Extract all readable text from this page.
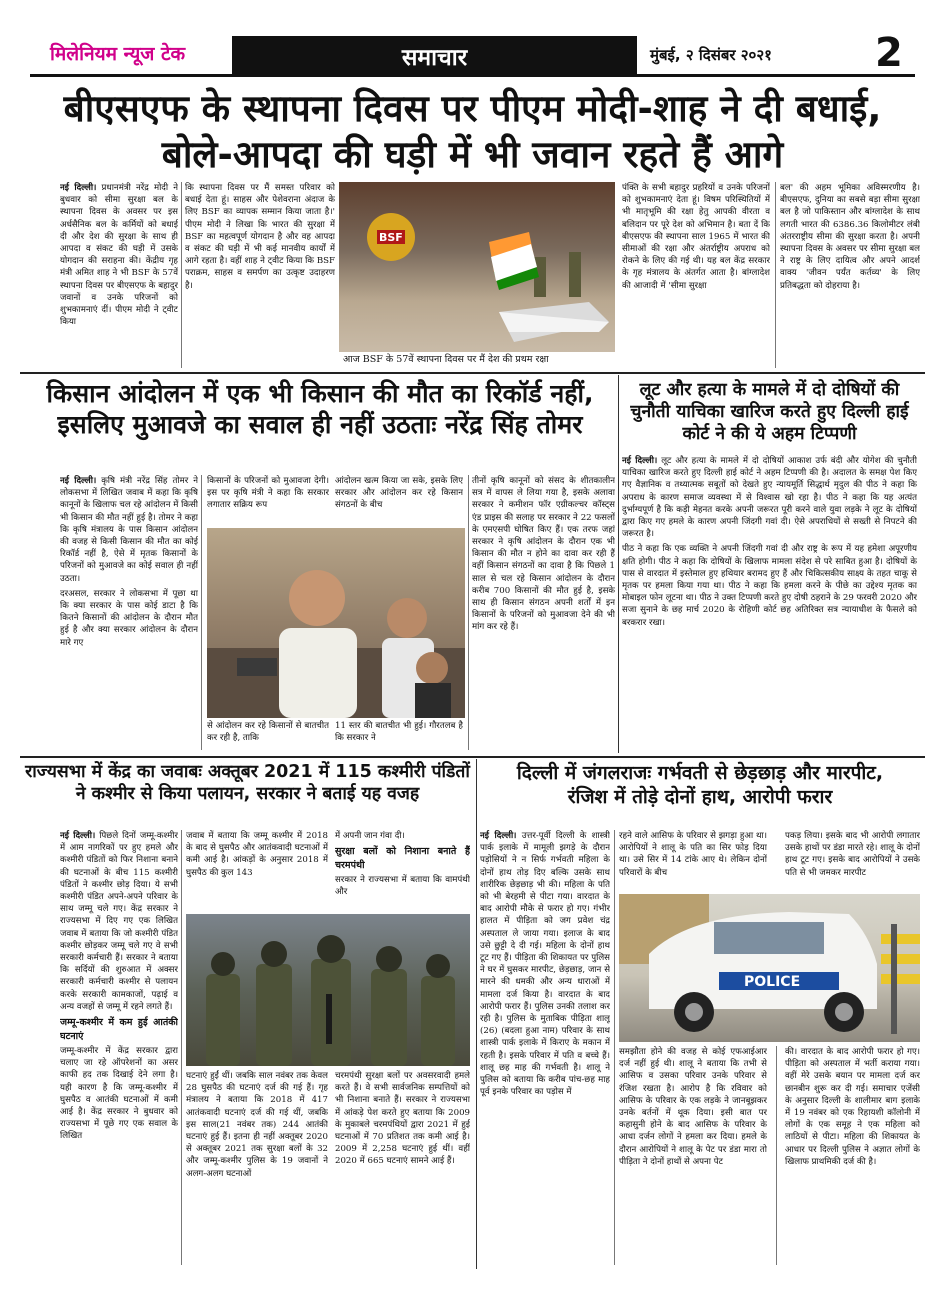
मिलेनियम न्यूज टेक	समाचार	मुंबई, २ दिसंबर २०२१	2
बीएसएफ के स्थापना दिवस पर पीएम मोदी-शाह ने दी बधाई,
बोले-आपदा की घड़ी में भी जवान रहते हैं आगे
नई दिल्ली। प्रधानमंत्री नरेंद्र मोदी ने बुधवार को सीमा सुरक्षा बल के स्थापना दिवस के अवसर पर इस अर्धसैनिक बल के कर्मियों को बधाई दी और देश की सुरक्षा के साथ ही आपदा व संकट की घड़ी में उसके योगदान की सराहना की। केंद्रीय गृह मंत्री अमित शाह ने भी BSF के 57वें स्थापना दिवस पर बीएसएफ के बहादुर जवानों व उनके परिजनों को शुभकामनाएं दीं। पीएम मोदी ने ट्वीट किया
कि स्थापना दिवस पर मैं समस्त परिवार को बधाई देता हूं। साहस और पेशेवराना अंदाज के लिए BSF का व्यापक सम्मान किया जाता है।' पीएम मोदी ने लिखा कि भारत की सुरक्षा में BSF का महत्वपूर्ण योगदान है और वह आपदा व संकट की घड़ी में भी कई मानवीय कार्यों में आगे रहता है। वहीं शाह ने ट्वीट किया कि BSF पराक्रम, साहस व समर्पण का उत्कृष्ट उदाहरण है।
BSF
आज BSF के 57वें स्थापना दिवस पर मैं देश की प्रथम रक्षा
पंक्ति के सभी बहादुर प्रहरियों व उनके परिजनों को शुभकामनाएं देता हूं। विषम परिस्थितियों में भी मातृभूमि की रक्षा हेतु आपकी वीरता व बलिदान पर पूरे देश को अभिमान है। बता दें कि बीएसएफ की स्थापना साल 1965 में भारत की सीमाओं की रक्षा और अंतर्राष्ट्रीय अपराध को रोकने के लिए की गई थी। यह बल केंद्र सरकार के गृह मंत्रालय के अंतर्गत आता है। बांग्लादेश की आजादी में 'सीमा सुरक्षा
बल' की अहम भूमिका अविस्मरणीय है। बीएसएफ, दुनिया का सबसे बड़ा सीमा सुरक्षा बल है जो पाकिस्तान और बांग्लादेश के साथ लगती भारत की 6386.36 किलोमीटर लंबी अंतरराष्ट्रीय सीमा की सुरक्षा करता है। अपनी स्थापना दिवस के अवसर पर सीमा सुरक्षा बल ने राष्ट्र के लिए दायित्व और अपने आदर्श वाक्य 'जीवन पर्यंत कर्तव्य' के लिए प्रतिबद्धता को दोहराया है।
किसान आंदोलन में एक भी किसान की मौत का रिकॉर्ड नहीं,
इसलिए मुआवजे का सवाल ही नहीं उठताः नरेंद्र सिंह तोमर

नई दिल्ली। कृषि मंत्री नरेंद्र सिंह तोमर ने लोकसभा में लिखित जवाब में कहा कि कृषि कानूनों के खिलाफ चल रहे आंदोलन में किसी भी किसान की मौत नहीं हुई है। तोमर ने कहा कि कृषि मंत्रालय के पास किसान आंदोलन की वजह से किसी किसान की मौत का कोई रिकॉर्ड नहीं है, ऐसे में मृतक किसानों के परिजनों को मुआवजे का कोई सवाल ही नहीं उठता।

दरअसल, सरकार ने लोकसभा में पूछा था कि क्या सरकार के पास कोई डाटा है कि कितने किसानों की आंदोलन के दौरान मौत हुई है और क्या सरकार आंदोलन के दौरान मारे गए

किसानों के परिजनों को मुआवजा देगी। इस पर कृषि मंत्री ने कहा कि सरकार लगातार सक्रिय रूप
आंदोलन खत्म किया जा सके, इसके लिए सरकार और आंदोलन कर रहे किसान संगठनों के बीच
से आंदोलन कर रहे किसानों से बातचीत कर रही है, ताकि
11 स्तर की बातचीत भी हुई। गौरतलब है कि सरकार ने
तीनों कृषि कानूनों को संसद के शीतकालीन सत्र में वापस ले लिया गया है, इसके अलावा सरकार ने कमीशन फॉर एग्रीकल्चर कॉस्ट्स एंड प्राइस की सलाह पर सरकार ने 22 फसलों के एमएसपी घोषित किए हैं। एक तरफ जहां सरकार ने कृषि आंदोलन के दौरान एक भी किसान की मौत न होने का दावा कर रही हैं वहीं किसान संगठनों का दावा है कि पिछले 1 साल से चल रहे किसान आंदोलन के दौरान करीब 700 किसानों की मौत हुई है, इसके साथ ही किसान संगठन अपनी शर्तों में इन किसानों के परिजनों को मुआवजा देने की भी मांग कर रहे हैं।
लूट और हत्या के मामले में दो दोषियों की
चुनौती याचिका खारिज करते हुए दिल्ली हाई
कोर्ट ने की ये अहम टिप्पणी

नई दिल्ली। लूट और हत्या के मामले में दो दोषियों आकाश उर्फ बंदी और योगेश की चुनौती याचिका खारिज करते हुए दिल्ली हाई कोर्ट ने अहम टिप्पणी की है। अदालत के समक्ष पेश किए गए वैज्ञानिक व तथ्यात्मक सबूतों को देखते हुए न्यायमूर्ति सिद्धार्थ मृदुल की पीठ ने कहा कि अपराध के कारण समाज व्यवस्था में से विश्वास खो रहा है। पीठ ने कहा कि यह अत्यंत दुर्भाग्यपूर्ण है कि कड़ी मेहनत करके अपनी जरूरत पूरी करने वाले युवा लड़के ने लूट के दोषियों द्वारा किए गए हमले के कारण अपनी जिंदगी गवां दी। ऐसे अपराधियों से सख्ती से निपटने की जरूरत है।

पीठ ने कहा कि एक व्यक्ति ने अपनी जिंदगी गवां दी और राष्ट्र के रूप में यह हमेशा अपूरणीय क्षति होगी। पीठ ने कहा कि दोषियों के खिलाफ मामला संदेश से परे साबित हुआ है। दोषियों के पास से वारदात में इस्तेमाल हुए हथियार बरामद हुए हैं और चिकित्सकीय साक्ष्य के तहत चाकू से मृतक पर हमला किया गया था। पीठ ने कहा कि हमला करने के पीछे का उद्देश्य मृतक का मोबाइल फोन लूटना था। पीठ ने उक्त टिप्पणी करते हुए दोषी ठहराने के 29 फरवरी 2020 और सजा सुनाने के छह मार्च 2020 के रोहिणी कोर्ट छह अतिरिक्त सत्र न्यायाधीश के फैसले को बरकरार रखा।

राज्यसभा में केंद्र का जवाबः अक्तूबर 2021 में 115 कश्मीरी पंडितों
ने कश्मीर से किया पलायन, सरकार ने बताई यह वजह

नई दिल्ली। पिछले दिनों जम्मू-कश्मीर में आम नागरिकों पर हुए हमले और कश्मीरी पंडितों को फिर निशाना बनाने की घटनाओं के बीच 115 कश्मीरी पंडितों ने कश्मीर छोड़ दिया। ये सभी कश्मीरी पंडित अपने-अपने परिवार के साथ जम्मू चले गए। केंद्र सरकार ने राज्यसभा में दिए गए एक लिखित जवाब में बताया कि जो कश्मीरी पंडित कश्मीर छोड़कर जम्मू चले गए वे सभी सरकारी कर्मचारी हैं। सरकार ने बताया कि सर्दियों की शुरुआत में अक्सर सरकारी कर्मचारी कश्मीर से पलायन करके सरकारी कामकाजों, पढ़ाई व अन्य वजहों से जम्मू में रहने लगते हैं।

जम्मू-कश्मीर में कम हुई आतंकी घटनाएं

जम्मू-कश्मीर में केंद्र सरकार द्वारा चलाए जा रहे ऑपरेशनों का असर काफी हद तक दिखाई देने लगा है। यही कारण है कि जम्मू-कश्मीर में घुसपैठ व आतंकी घटनाओं में कमी आई है। केंद्र सरकार ने बुधवार को राज्यसभा में पूछे गए एक सवाल के लिखित

जवाब में बताया कि जम्मू कश्मीर में 2018 के बाद से घुसपैठ और आतंकवादी घटनाओं में कमी आई है। आंकड़ों के अनुसार 2018 में घुसपैठ की कुल 143

में अपनी जान गंवा दी।

सुरक्षा बलों को निशाना बनाते हैं चरमपंथी

सरकार ने राज्यसभा में बताया कि वामपंथी और

घटनाएं हुईं थीं। जबकि साल नवंबर तक केवल 28 घुसपैठ की घटनाएं दर्ज की गई हैं। गृह मंत्रालय ने बताया कि 2018 में 417 आतंकवादी घटनाएं दर्ज की गई थीं, जबकि इस साल(21 नवंबर तक) 244 आतंकी घटनाएं हुई हैं। इतना ही नहीं अक्तूबर 2020 से अक्तूबर 2021 तक सुरक्षा बलों के 32 और जम्मू-कश्मीर पुलिस के 19 जवानों ने अलग-अलग घटनाओं
चरमपंथी सुरक्षा बलों पर अवसरवादी हमले करते हैं। वे सभी सार्वजनिक सम्पत्तियों को भी निशाना बनाते हैं। सरकार ने राज्यसभा में आंकड़े पेश करते हुए बताया कि 2009 के मुकाबले चरमपंथियों द्वारा 2021 में हुई घटनाओं में 70 प्रतिशत तक कमी आई है। 2009 में 2,258 घटनाएं हुई थीं। वहीं 2020 में 665 घटनाएं सामने आई हैं।
दिल्ली में जंगलराजः गर्भवती से छेड़छाड़ और मारपीट,
रंजिश में तोड़े दोनों हाथ, आरोपी फरार
नई दिल्ली। उत्तर-पूर्वी दिल्ली के शास्त्री पार्क इलाके में मामूली झगड़े के दौरान पड़ोसियों ने न सिर्फ गर्भवती महिला के दोनों हाथ तोड़ दिए बल्कि उसके साथ शारीरिक छेड़छाड़ भी की। महिला के पति को भी बेरहमी से पीटा गया। वारदात के बाद आरोपी मौके से फरार हो गए। गंभीर हालत में पीड़िता को जग प्रवेश चंद्र अस्पताल ले जाया गया। इलाज के बाद उसे छुट्टी दे दी गई। महिला के दोनों हाथ टूट गए हैं। पीड़िता की शिकायत पर पुलिस ने घर में घुसकर मारपीट, छेड़छाड़, जान से मारने की धमकी और अन्य धाराओं में मामला दर्ज किया है। वारदात के बाद आरोपी फरार हैं। पुलिस उनकी तलाश कर रही है। पुलिस के मुताबिक पीड़िता शालू (26) (बदला हुआ नाम) परिवार के साथ शास्त्री पार्क इलाके में किराए के मकान में रहती है। इसके परिवार में पति व बच्चे हैं। शालू छह माह की गर्भवती है। शालू ने पुलिस को बताया कि करीब पांच-छह माह पूर्व इनके परिवार का पड़ोस में
रहने वाले आसिफ के परिवार से झगड़ा हुआ था। आरोपियों ने शालू के पति का सिर फोड़ दिया था। उसे सिर में 14 टांके आए थे। लेकिन दोनों परिवारों के बीच
पकड़ लिया। इसके बाद भी आरोपी लगातार उसके हाथों पर डंडा मारते रहे। शालू के दोनों हाथ टूट गए। इसके बाद आरोपियों ने उसके पति से भी जमकर मारपीट
POLICE
समझौता होने की वजह से कोई एफआईआर दर्ज नहीं हुई थी। शालू ने बताया कि तभी से आसिफ व उसका परिवार उनके परिवार से रंजिश रखता है। आरोप है कि रविवार को आसिफ के परिवार के एक लड़के ने जानबूझकर उनके बर्तनों में थूक दिया। इसी बात पर कहासुनी होने के बाद आसिफ के परिवार के आधा दर्जन लोगों ने हमला कर दिया। हमले के दौरान आरोपियों ने शालू के पेट पर डंडा मारा तो पीड़िता ने दोनों हाथों से अपना पेट
की। वारदात के बाद आरोपी फरार हो गए। पीड़िता को अस्पताल में भर्ती कराया गया। वहीं मेरे उसके बयान पर मामला दर्ज कर छानबीन शुरू कर दी गई। समाचार एजेंसी के अनुसार दिल्ली के शालीमार बाग इलाके में 19 नवंबर को एक रिहायशी कॉलोनी में लोगों के एक समूह ने एक महिला को लाठियों से पीटा। महिला की शिकायत के आधार पर दिल्ली पुलिस ने अज्ञात लोगों के खिलाफ प्राथमिकी दर्ज की है।
